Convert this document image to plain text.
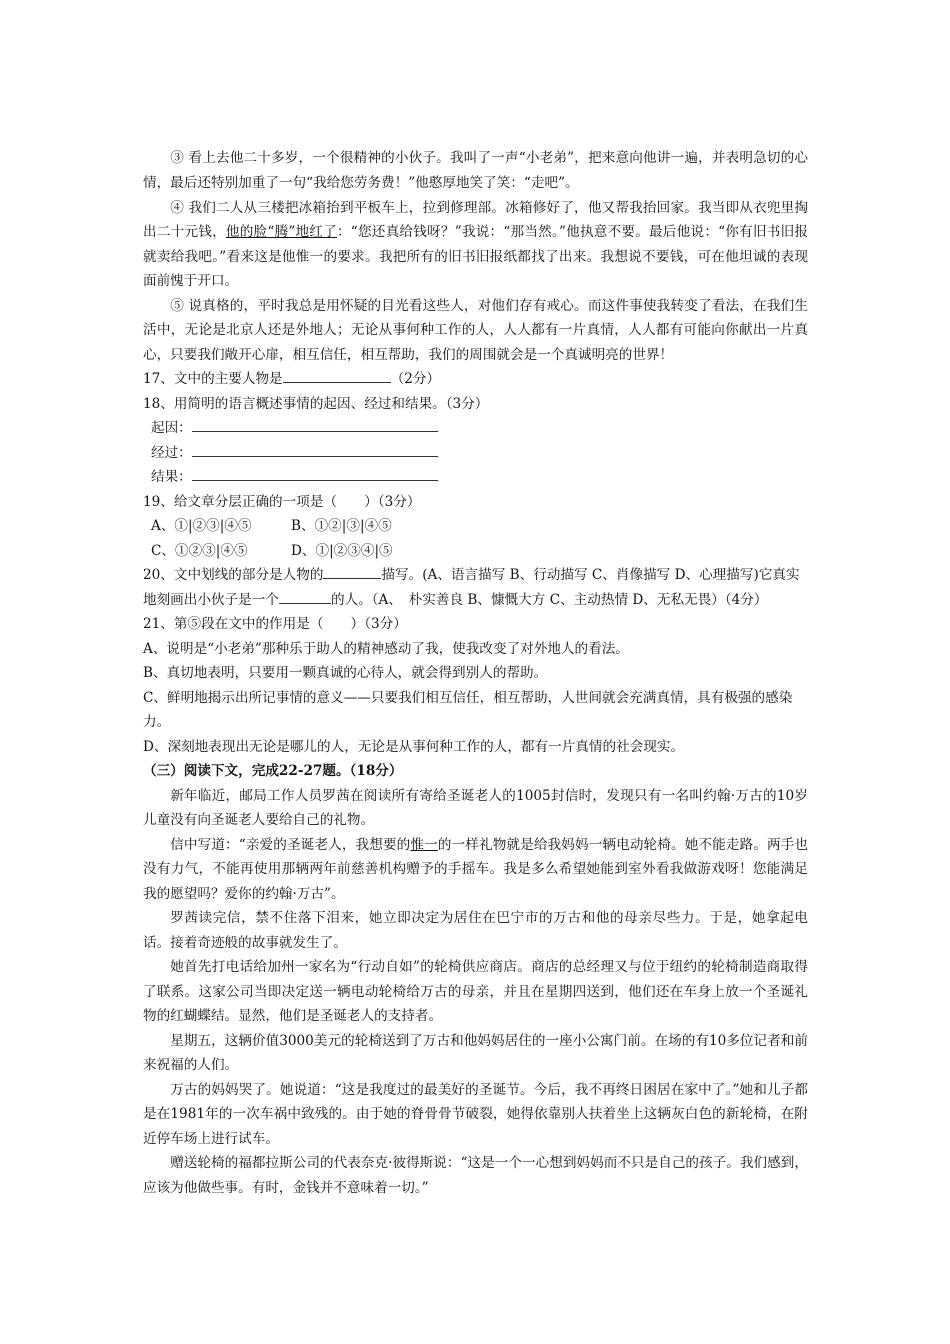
③ 看上去他二十多岁，一个很精神的小伙子。我叫了一声“小老弟”，把来意向他讲一遍，并表明急切的心情，最后还特别加重了一句“我给您劳务费！”他憨厚地笑了笑：“走吧”。

④ 我们二人从三楼把冰箱抬到平板车上，拉到修理部。冰箱修好了，他又帮我抬回家。我当即从衣兜里掏出二十元钱，他的脸“腾”地红了：“您还真给钱呀？”我说：“那当然。”他执意不要。最后他说：“你有旧书旧报就卖给我吧。”看来这是他惟一的要求。我把所有的旧书旧报纸都找了出来。我想说不要钱，可在他坦诚的表现面前愧于开口。

⑤ 说真格的，平时我总是用怀疑的目光看这些人，对他们存有戒心。而这件事使我转变了看法，在我们生活中，无论是北京人还是外地人；无论从事何种工作的人，人人都有一片真情，人人都有可能向你献出一片真心，只要我们敞开心扉，相互信任，相互帮助，我们的周围就会是一个真诚明亮的世界！

17、文中的主要人物是	（2分）

18、用简明的语言概述事情的起因、经过和结果。（3分）

起因：

经过：

结果：

19、给文章分层正确的一项是（　　）（3分）

A、①|②③|④⑤	B、①②|③|④⑤

C、①②③|④⑤	D、①|②③④|⑤

20、文中划线的部分是人物的	描写。(A、语言描写 B、行动描写 C、肖像描写 D、心理描写)它真实地刻画出小伙子是一个	的人。（A、　朴实善良 B、慷慨大方 C、主动热情 D、无私无畏）（4分）

21、第⑤段在文中的作用是（　　）（3分）

A、说明是“小老弟”那种乐于助人的精神感动了我，使我改变了对外地人的看法。

B、真切地表明，只要用一颗真诚的心待人，就会得到别人的帮助。

C、鲜明地揭示出所记事情的意义——只要我们相互信任，相互帮助，人世间就会充满真情，具有极强的感染力。

D、深刻地表现出无论是哪儿的人，无论是从事何种工作的人，都有一片真情的社会现实。

（三）阅读下文，完成22-27题。（18分）

新年临近，邮局工作人员罗茜在阅读所有寄给圣诞老人的1005封信时，发现只有一名叫约翰·万古的10岁儿童没有向圣诞老人要给自己的礼物。

信中写道：“亲爱的圣诞老人，我想要的惟一的一样礼物就是给我妈妈一辆电动轮椅。她不能走路。两手也没有力气，不能再使用那辆两年前慈善机构赠予的手摇车。我是多么希望她能到室外看我做游戏呀！您能满足我的愿望吗？爱你的约翰·万古”。

罗茜读完信，禁不住落下泪来，她立即决定为居住在巴宁市的万古和他的母亲尽些力。于是，她拿起电话。接着奇迹般的故事就发生了。

她首先打电话给加州一家名为“行动自如”的轮椅供应商店。商店的总经理又与位于纽约的轮椅制造商取得了联系。这家公司当即决定送一辆电动轮椅给万古的母亲，并且在星期四送到，他们还在车身上放一个圣诞礼物的红蝴蝶结。显然，他们是圣诞老人的支持者。

星期五，这辆价值3000美元的轮椅送到了万古和他妈妈居住的一座小公寓门前。在场的有10多位记者和前来祝福的人们。

万古的妈妈哭了。她说道：“这是我度过的最美好的圣诞节。今后，我不再终日困居在家中了。”她和儿子都是在1981年的一次车祸中致残的。由于她的脊骨骨节破裂，她得依靠别人扶着坐上这辆灰白色的新轮椅，在附近停车场上进行试车。

赠送轮椅的福都拉斯公司的代表奈克·彼得斯说：“这是一个一心想到妈妈而不只是自己的孩子。我们感到，应该为他做些事。有时，金钱并不意味着一切。”
